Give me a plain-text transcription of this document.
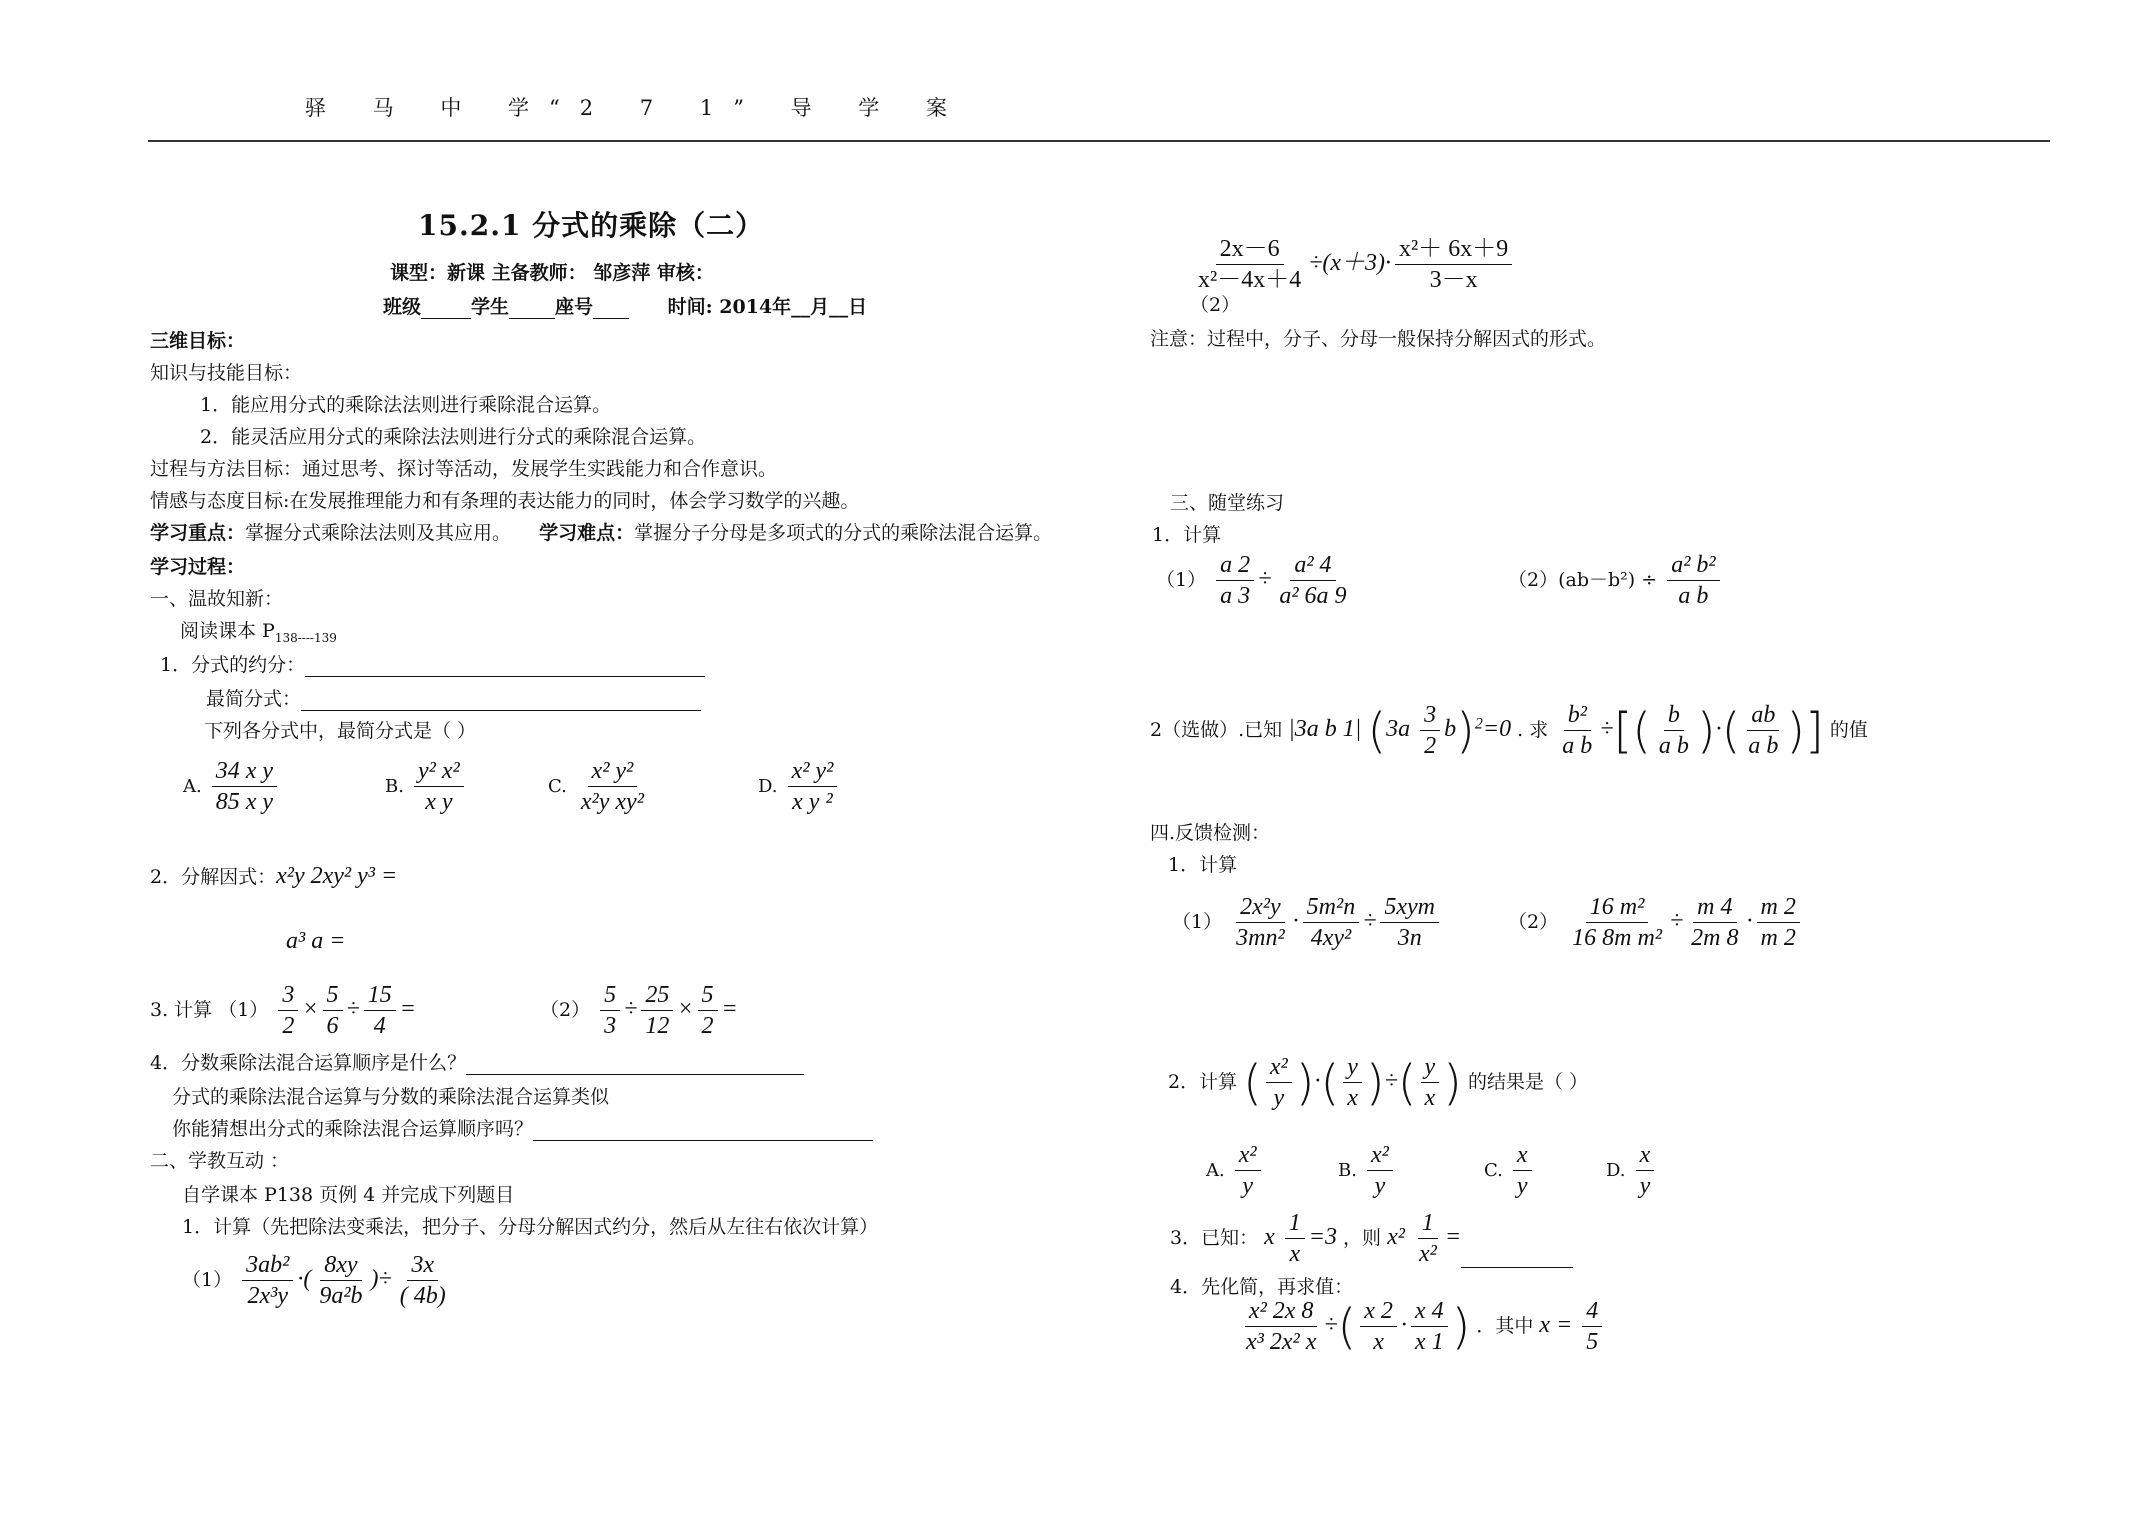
驿 马 中 学“2 7 1” 导 学 案
15.2.1 分式的乘除（二）
课型：新课 主备教师： 邹彦萍 审核：
班级	学生 座号	时间: 2014年__月__日
三维目标：
知识与技能目标：
1．能应用分式的乘除法法则进行乘除混合运算。
2．能灵活应用分式的乘除法法则进行分式的乘除混合运算。
过程与方法目标：通过思考、探讨等活动，发展学生实践能力和合作意识。
情感与态度目标:在发展推理能力和有条理的表达能力的同时，体会学习数学的兴趣。
学习重点：掌握分式乘除法法则及其应用。 学习难点：掌握分子分母是多项式的分式的乘除法混合运算。
学习过程：
一、温故知新：
阅读课本 $P_{138----139}$
1．分式的约分：
最简分式：
下列各分式中，最简分式是（ ）
A. $\frac{\text{34 x y}}{\text{85 x y}}$	B. $\frac{\text{y² x²}}{\text{x y}}$	C. $\frac{\text{x² y²}}{\text{x²y xy²}}$	D. $\frac{\text{x² y²}}{\text{x y ²}}$
2．分解因式：x²y 2xy² y³ =
a³ a =
3. 计算 $(1) \frac{3}{2} \times \frac{5}{6} \div \frac{15}{4}$ =	$(2) \frac{5}{3} \div \frac{25}{12} \times \frac{5}{2}$ =
4．分数乘除法混合运算顺序是什么？
分式的乘除法混合运算与分数的乘除法混合运算类似
你能猜想出分式的乘除法混合运算顺序吗？
二、学教互动 ：
自学课本 P138 页例 4 并完成下列题目
1．计算（先把除法变乘法，把分子、分母分解因式约分，然后从左往右依次计算）
$(1) \frac{\text{3ab²}}{\text{2x³y}}$ ·( $\frac{8xy}{\text{9a²b}}$ )÷ $\frac{3x}{( 4b)}$
$\frac{2x-6}{\text{x²－4x＋4}} \div(x+3)\cdot \frac{\text{x²＋ 6x＋9}}{3-x}$
（2）
注意：过程中，分子、分母一般保持分解因式的形式。
三、随堂练习
1．计算
$(1) \frac{a 2}{a 3} \div \frac{\text{a² 4}}{\text{a² 6a 9}}$	$(2)(ab-b^2) \div \frac{\text{a² b²}}{\text{a b}}$
2（选做）.已知 |3a b 1| $(3a \frac{3}{2} b)^2=0$ . 求 $\frac{\text{b²}}{\text{a b}}$ ÷[( $\frac{b}{\text{a b}}$ )·( $\frac{ab}{\text{a b}}$ )] 的值
四.反馈检测：
1．计算
$(1) \frac{\text{2x²y}}{\text{3mn²}} \cdot \frac{\text{5m²n}}{\text{4xy²}} \div \frac{\text{5xym}}{3n}$	$(2) \frac{\text{16 m²}}{\text{16 8m m²}} \div \frac{m 4}{2m 8} \cdot \frac{m 2}{m 2}$
2．计算 ( $\frac{\text{x²}}{y}$ )·( $\frac{y}{x}$ )÷( $\frac{y}{x}$ ) 的结果是（ ）
A. $\frac{\text{x²}}{y}$	B. $\frac{\text{x²}}{y}$	C. $\frac{x}{y}$	D. $\frac{x}{y}$
3．已知： x $\frac{1}{x} =3$ ，则 $x^2 \frac{1}{\text{x²}}$ =
4．先化简，再求值：
$\frac{\text{x² 2x 8}}{\text{x³ 2x² x}}$ ÷( $\frac{x 2}{x} \cdot \frac{x 4}{x 1}$ ) ．其中 $x = \frac{4}{5}$
